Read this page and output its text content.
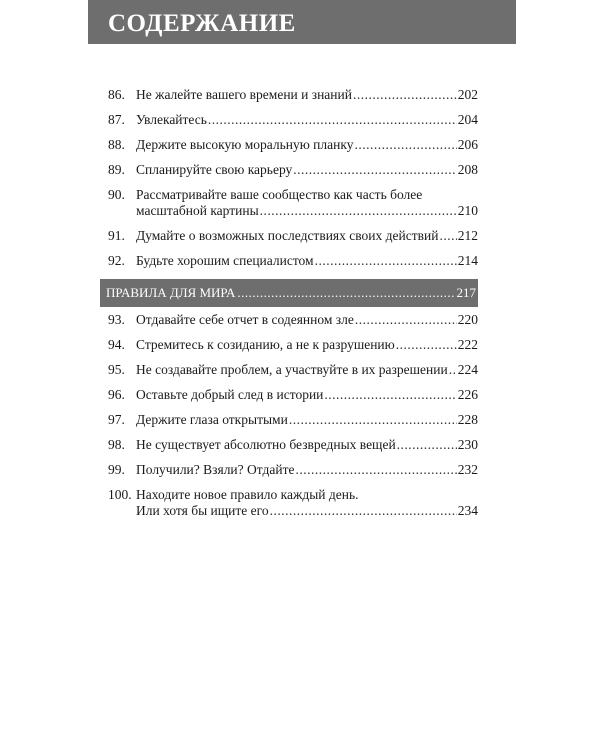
СОДЕРЖАНИЕ
86. Не жалейте вашего времени и знаний .....	202
87. Увлекайтесь .....	204
88. Держите высокую моральную планку .....	206
89. Спланируйте свою карьеру .....	208
90. Рассматривайте ваше сообщество как часть более
масштабной картины .....	210
91. Думайте о возможных последствиях своих действий ..... 212
92. Будьте хорошим специалистом .....	214
ПРАВИЛА ДЛЯ МИРА .....	217
93. Отдавайте себе отчет в содеянном зле .....	220
94. Стремитесь к созиданию, а не к разрушению .....	222
95. Не создавайте проблем, а участвуйте в их разрешении ..... 224
96. Оставьте добрый след в истории .....	226
97. Держите глаза открытыми .....	228
98. Не существует абсолютно безвредных вещей .....	230
99. Получили? Взяли? Отдайте .....	232
100. Находите новое правило каждый день.
Или хотя бы ищите его .....	234
